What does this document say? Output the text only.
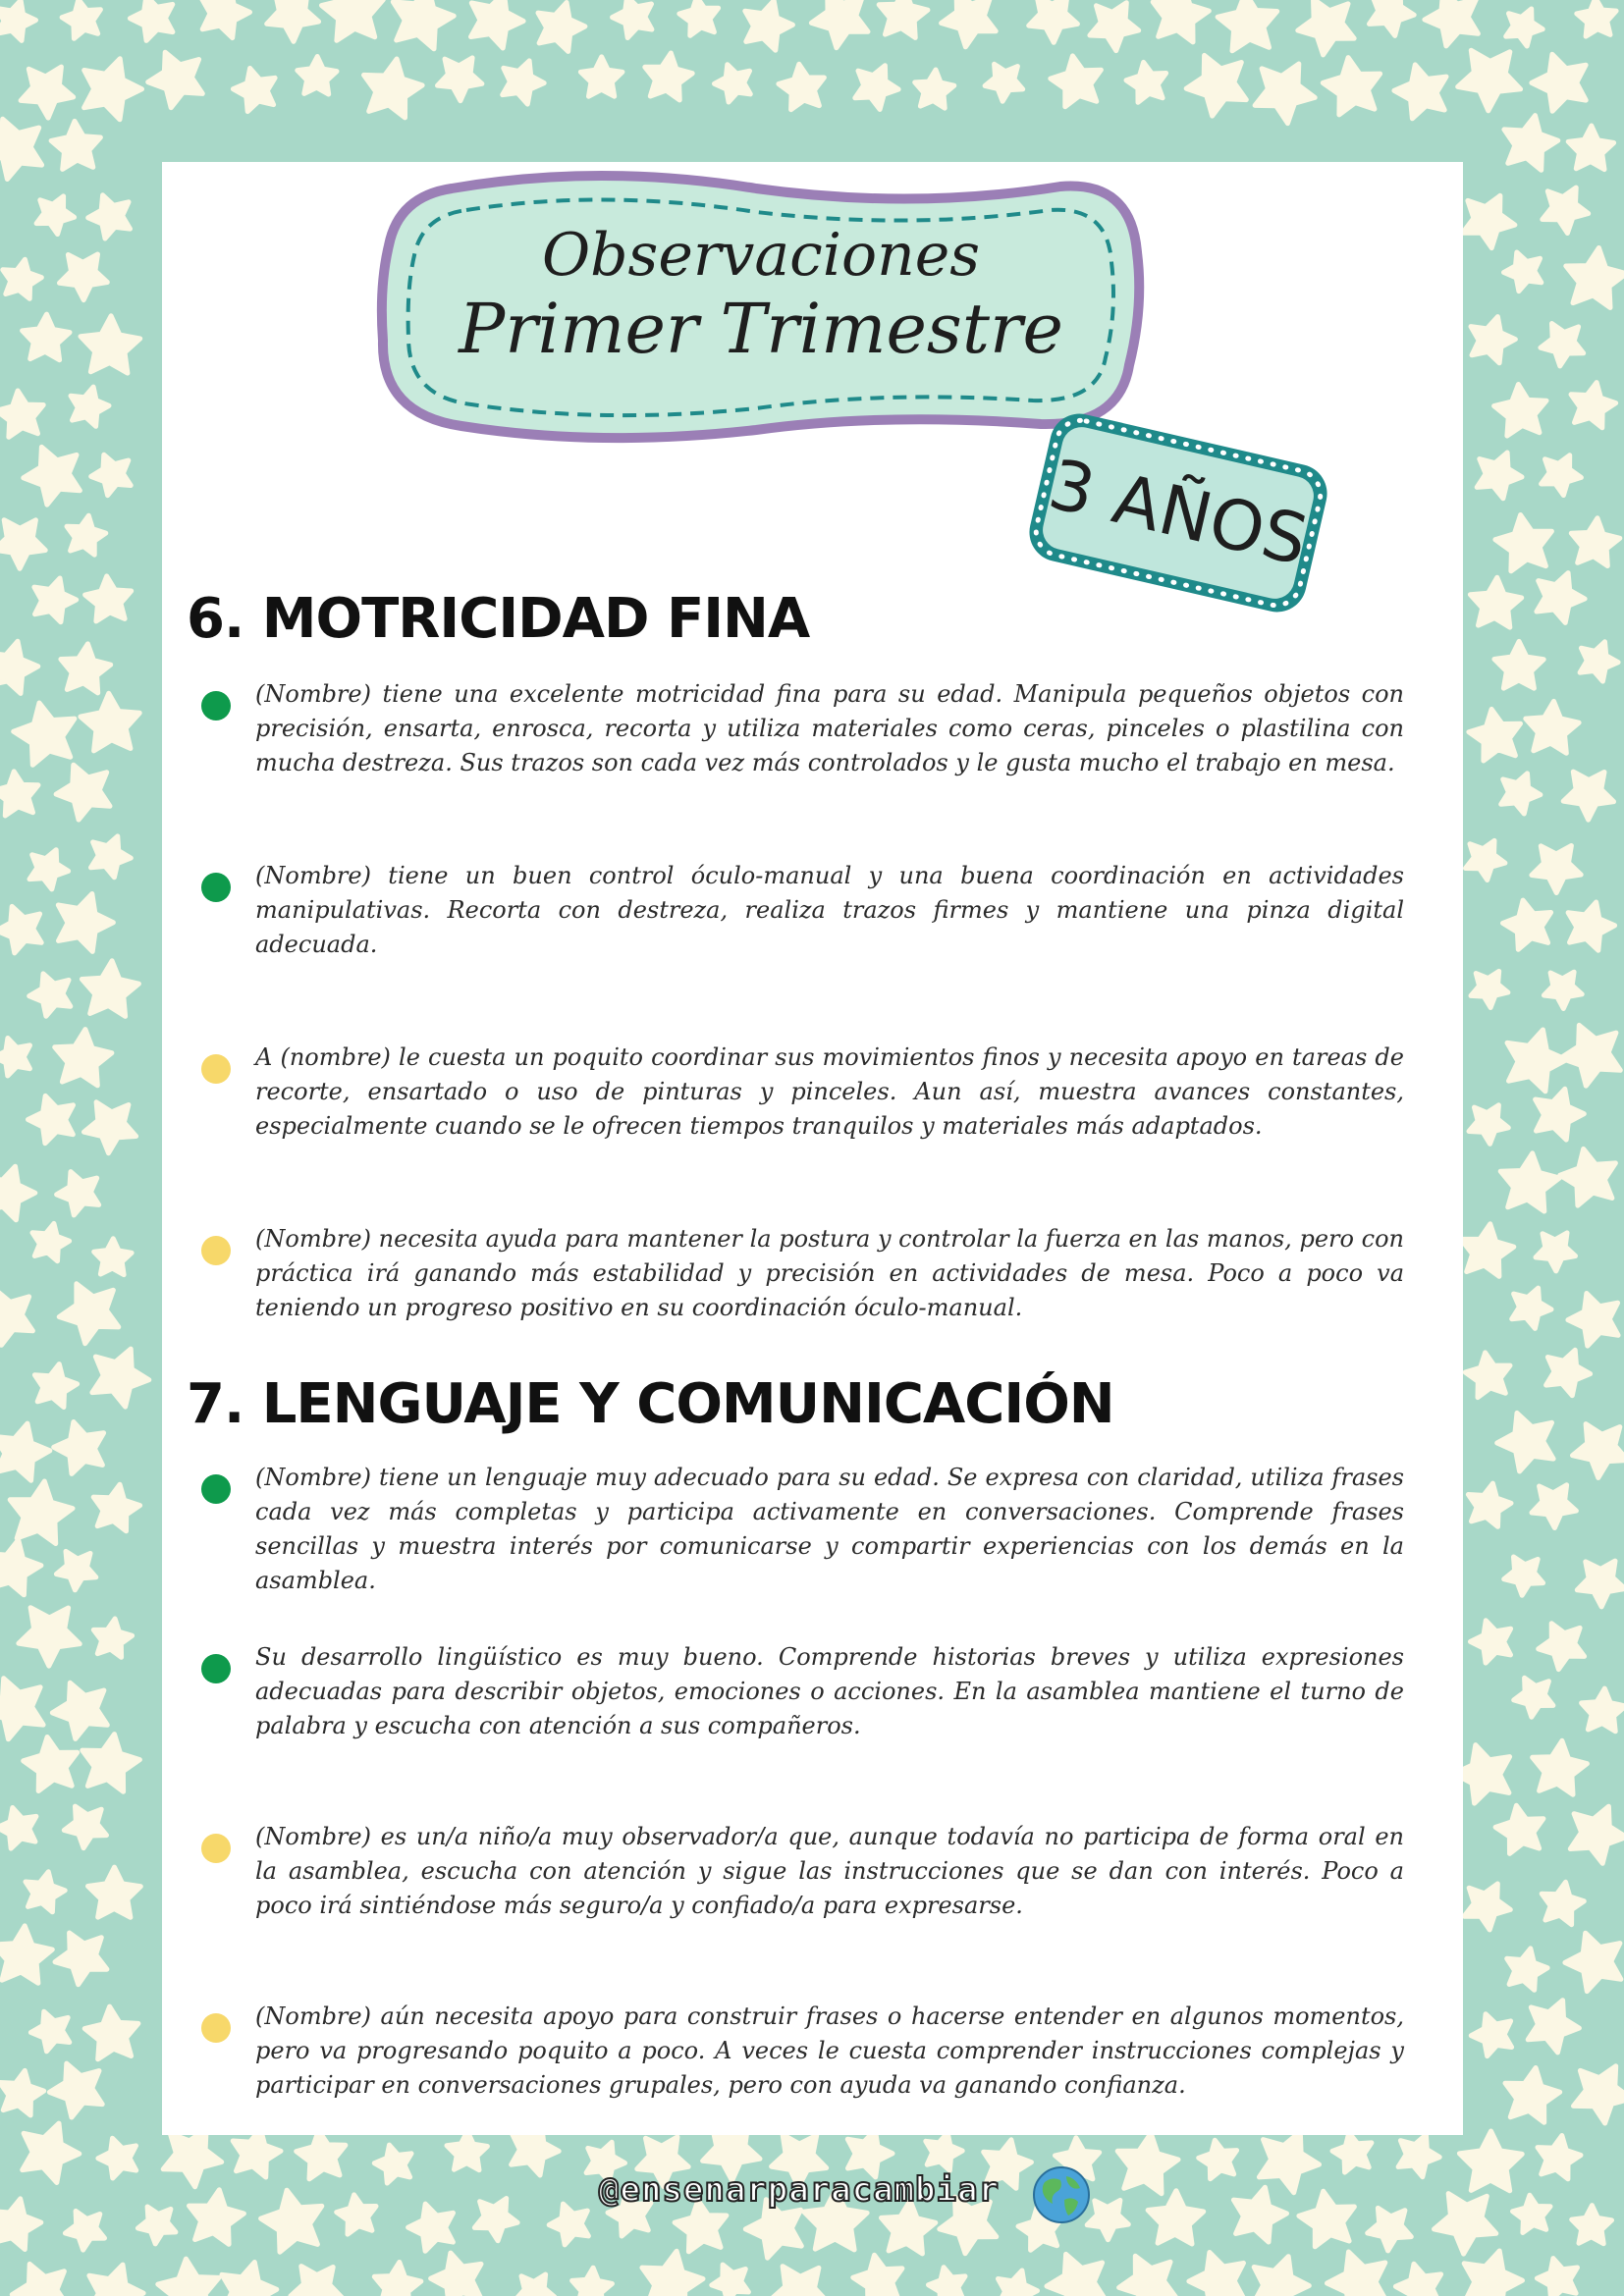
Observaciones
Primer Trimestre
3 AÑOS
6. MOTRICIDAD FINA
(Nombre) tiene una excelente motricidad fina para su edad. Manipula pequeños objetos con precisión, ensarta, enrosca, recorta y utiliza materiales como ceras, pinceles o plastilina con mucha destreza. Sus trazos son cada vez más controlados y le gusta mucho el trabajo en mesa.
(Nombre) tiene un buen control óculo-manual y una buena coordinación en actividades manipulativas. Recorta con destreza, realiza trazos firmes y mantiene una pinza digital adecuada.
A (nombre) le cuesta un poquito coordinar sus movimientos finos y necesita apoyo en tareas de recorte, ensartado o uso de pinturas y pinceles. Aun así, muestra avances constantes, especialmente cuando se le ofrecen tiempos tranquilos y materiales más adaptados.
(Nombre) necesita ayuda para mantener la postura y controlar la fuerza en las manos, pero con práctica irá ganando más estabilidad y precisión en actividades de mesa. Poco a poco va teniendo un progreso positivo en su coordinación óculo-manual.
7. LENGUAJE Y COMUNICACIÓN
(Nombre) tiene un lenguaje muy adecuado para su edad. Se expresa con claridad, utiliza frases cada vez más completas y participa activamente en conversaciones. Comprende frases sencillas y muestra interés por comunicarse y compartir experiencias con los demás en la asamblea.
Su desarrollo lingüístico es muy bueno. Comprende historias breves y utiliza expresiones adecuadas para describir objetos, emociones o acciones. En la asamblea mantiene el turno de palabra y escucha con atención a sus compañeros.
(Nombre) es un/a niño/a muy observador/a que, aunque todavía no participa de forma oral en la asamblea, escucha con atención y sigue las instrucciones que se dan con interés. Poco a poco irá sintiéndose más seguro/a y confiado/a para expresarse.
(Nombre) aún necesita apoyo para construir frases o hacerse entender en algunos momentos, pero va progresando poquito a poco. A veces le cuesta comprender instrucciones complejas y participar en conversaciones grupales, pero con ayuda va ganando confianza.
@ensenarparacambiar
